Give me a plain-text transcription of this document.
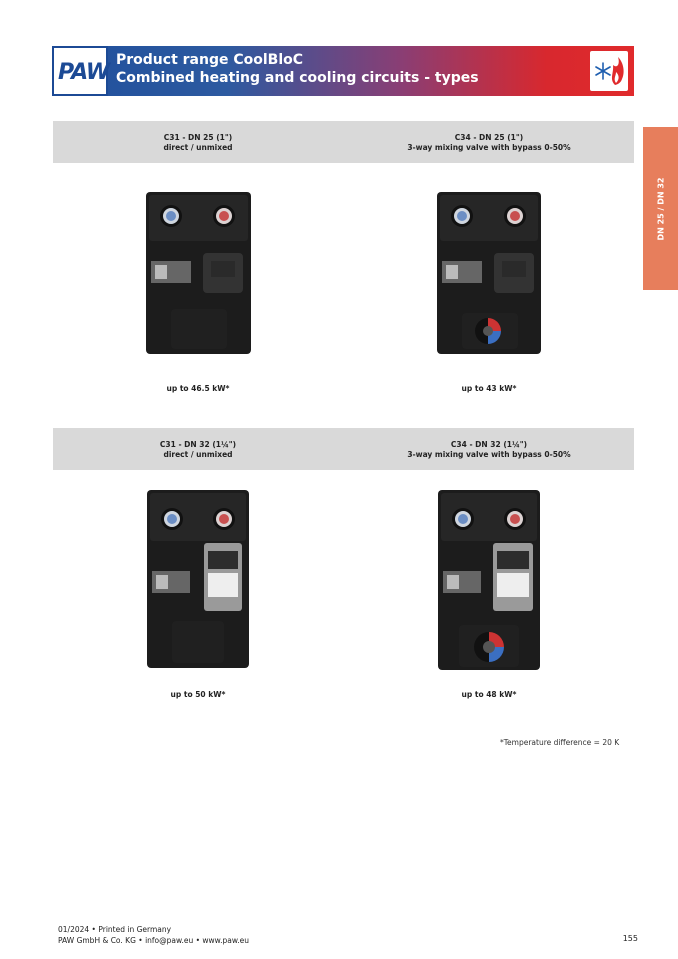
PAW Product range CoolBloC
Combined heating and cooling circuits - types
DN 25 / DN 32
C31 - DN 25 (1")
direct / unmixed
C34 - DN 25 (1")
3-way mixing valve with bypass 0-50%
up to 46.5 kW*	up to 43 kW*
C31 - DN 32 (1¼")
direct / unmixed
C34 - DN 32 (1¼")
3-way mixing valve with bypass 0-50%
up to 50 kW*	up to 48 kW*
*Temperature difference = 20 K
01/2024 • Printed in Germany
PAW GmbH & Co. KG • info@paw.eu • www.paw.eu	155
